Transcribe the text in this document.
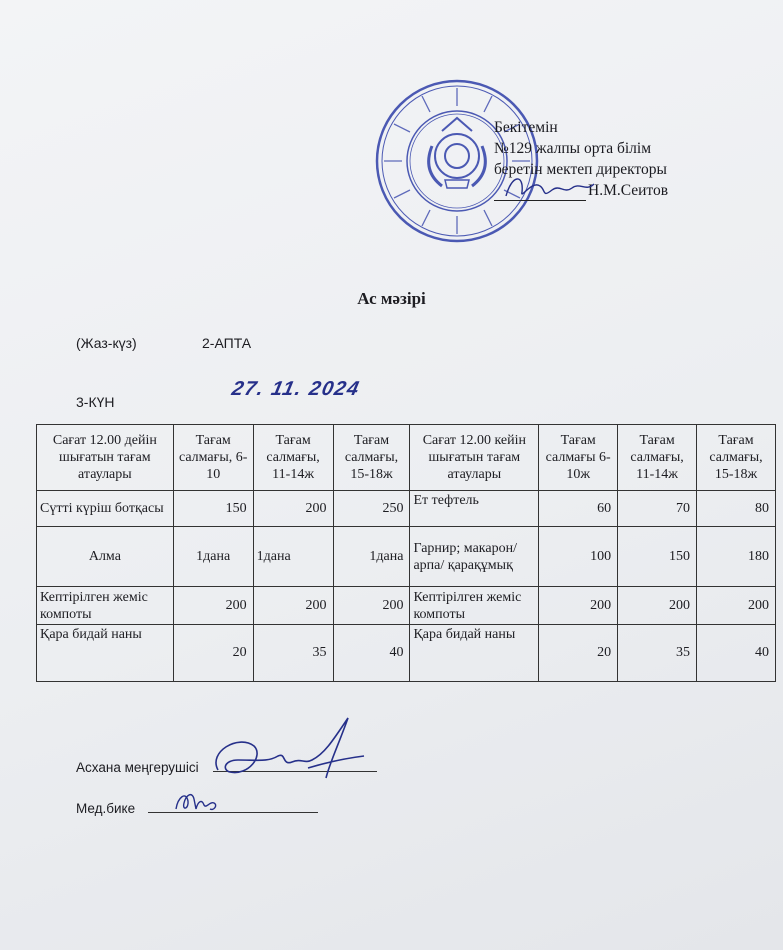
Бекітемін
№129 жалпы орта білім
беретін мектеп директоры
Н.М.Сеитов
Ас мәзірі
(Жаз-күз)	2-АПТА
3-КҮН
27. 11. 2024
Сағат 12.00 дейін шығатын тағам атаулары	Тағам салмағы, 6-10	Тағам салмағы, 11-14ж	Тағам салмағы, 15-18ж	Сағат 12.00 кейін шығатын тағам атаулары	Тағам салмағы 6-10ж	Тағам салмағы, 11-14ж	Тағам салмағы, 15-18ж
Сүтті күріш ботқасы	150	200	250	Ет тефтель	60	70	80
Алма	1дана	1дана	1дана	Гарнир; макарон/ арпа/ қарақұмық	100	150	180
Кептірілген жеміс компоты	200	200	200	Кептірілген жеміс компоты	200	200	200
Қара бидай наны	20	35	40	Қара бидай наны	20	35	40
Асхана меңгерушісі
Мед.бике
